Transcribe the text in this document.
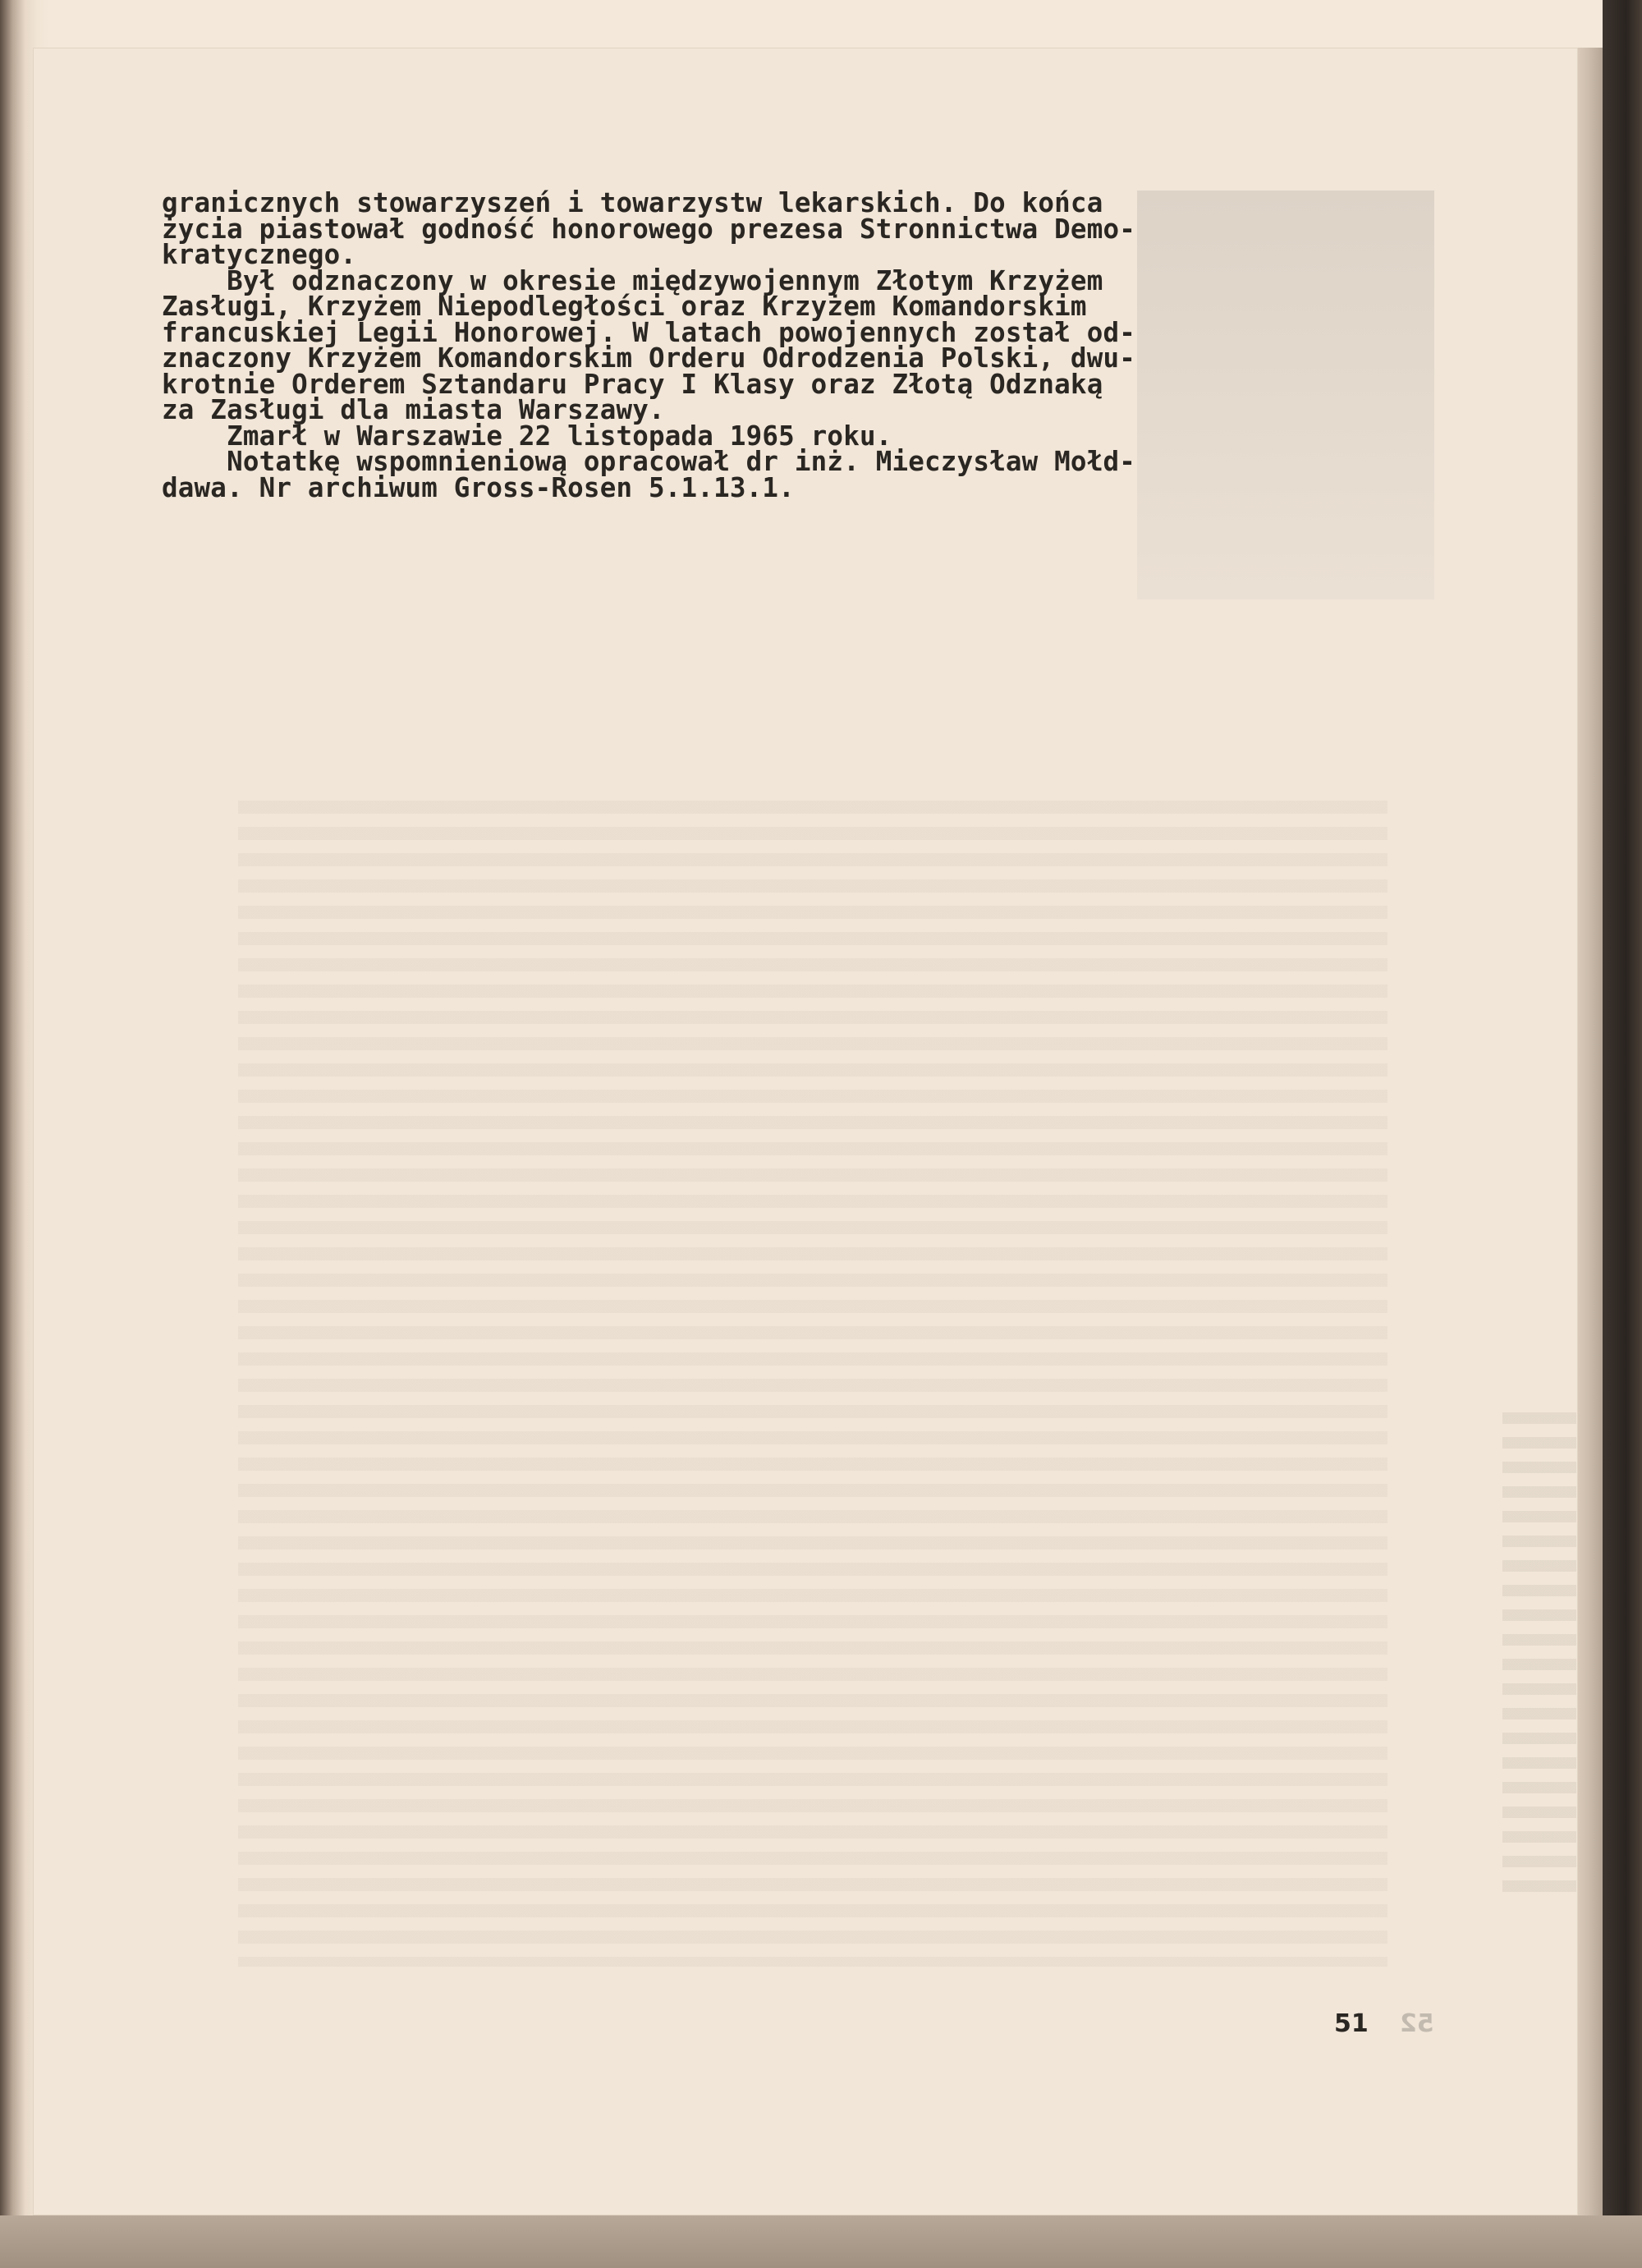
granicznych stowarzyszeń i towarzystw lekarskich. Do końca
życia piastował godność honorowego prezesa Stronnictwa Demo-
kratycznego.
Był odznaczony w okresie międzywojennym Złotym Krzyżem
Zasługi, Krzyżem Niepodległości oraz Krzyżem Komandorskim
francuskiej Legii Honorowej. W latach powojennych został od-
znaczony Krzyżem Komandorskim Orderu Odrodzenia Polski, dwu-
krotnie Orderem Sztandaru Pracy I Klasy oraz Złotą Odznaką
za Zasługi dla miasta Warszawy.
Zmarł w Warszawie 22 listopada 1965 roku.
Notatkę wspomnieniową opracował dr inż. Mieczysław Mołd-
dawa. Nr archiwum Gross-Rosen 5.1.13.1.
51 52
